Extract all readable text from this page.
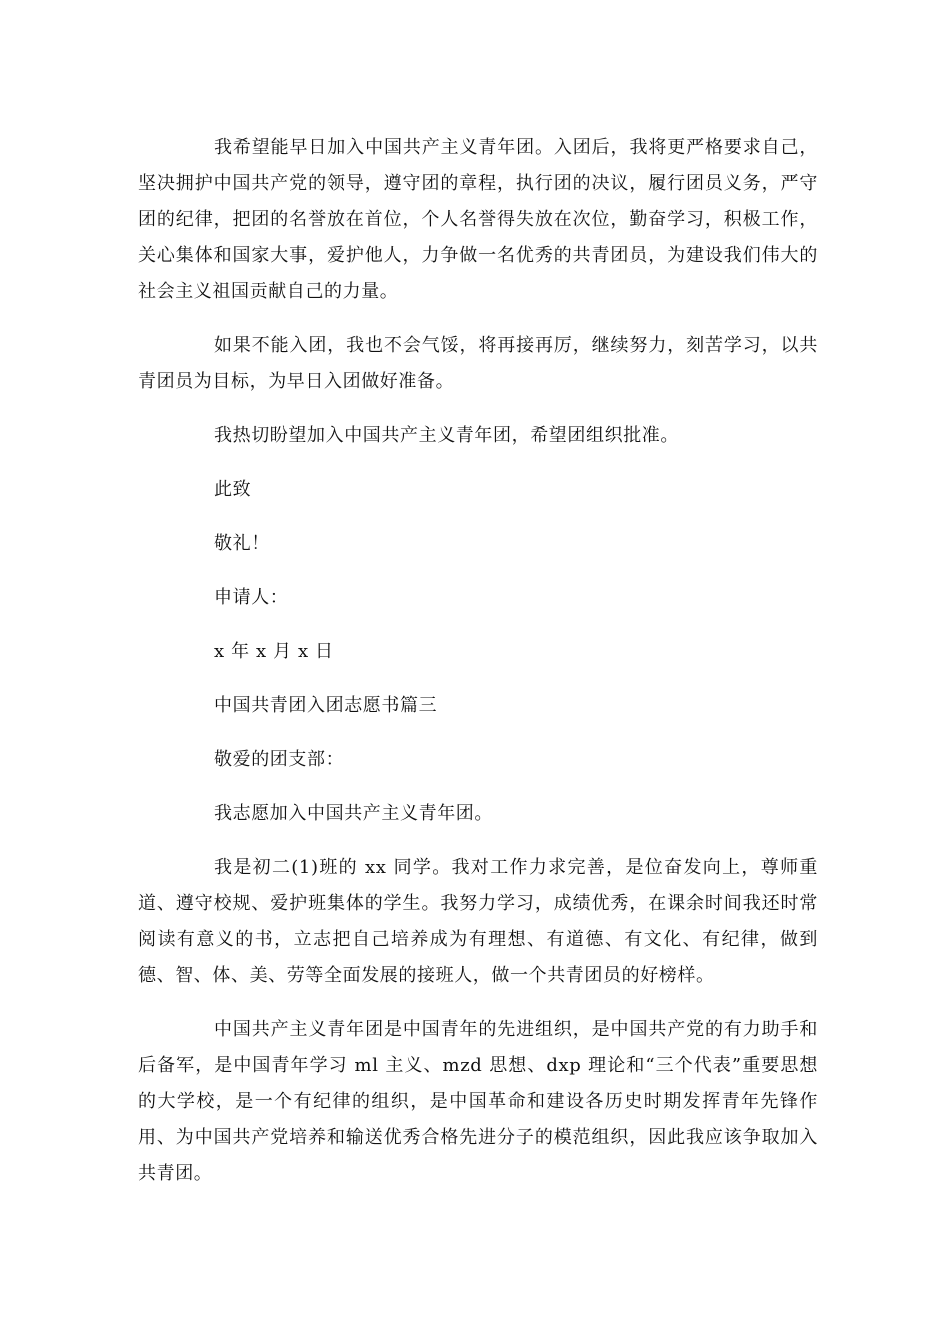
我希望能早日加入中国共产主义青年团。入团后，我将更严格要求自己，坚决拥护中国共产党的领导，遵守团的章程，执行团的决议，履行团员义务，严守团的纪律，把团的名誉放在首位，个人名誉得失放在次位，勤奋学习，积极工作，关心集体和国家大事，爱护他人，力争做一名优秀的共青团员，为建设我们伟大的社会主义祖国贡献自己的力量。

如果不能入团，我也不会气馁，将再接再厉，继续努力，刻苦学习，以共青团员为目标，为早日入团做好准备。

我热切盼望加入中国共产主义青年团，希望团组织批准。

此致

敬礼！

申请人：

x 年 x 月 x 日

中国共青团入团志愿书篇三

敬爱的团支部：

我志愿加入中国共产主义青年团。

我是初二(1)班的 xx 同学。我对工作力求完善，是位奋发向上，尊师重道、遵守校规、爱护班集体的学生。我努力学习，成绩优秀，在课余时间我还时常阅读有意义的书，立志把自己培养成为有理想、有道德、有文化、有纪律，做到德、智、体、美、劳等全面发展的接班人，做一个共青团员的好榜样。

中国共产主义青年团是中国青年的先进组织，是中国共产党的有力助手和后备军，是中国青年学习 ml 主义、mzd 思想、dxp 理论和“三个代表”重要思想的大学校，是一个有纪律的组织，是中国革命和建设各历史时期发挥青年先锋作用、为中国共产党培养和输送优秀合格先进分子的模范组织，因此我应该争取加入共青团。
